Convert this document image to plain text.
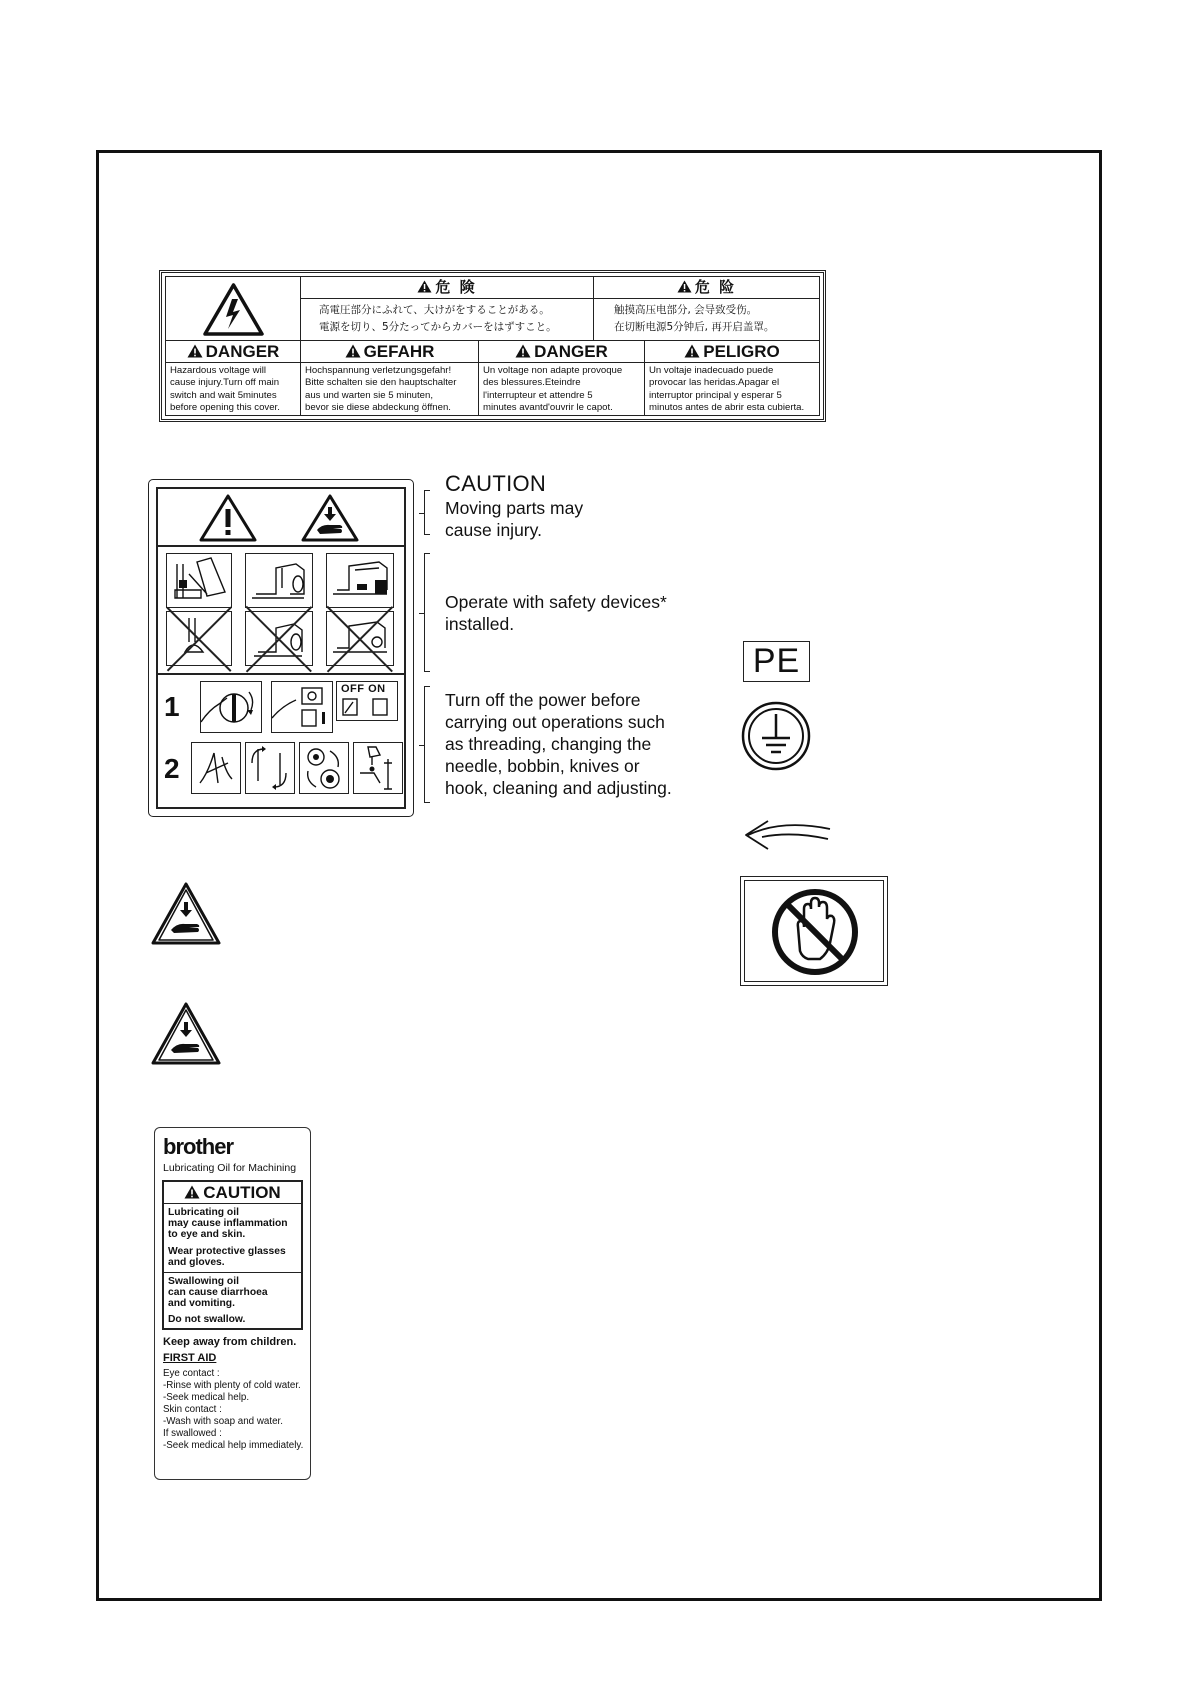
危 険
高電圧部分にふれて、大けがをすることがある。
電源を切り、5分たってからカバーをはずすこと。
危 险
触摸高压电部分, 会导致受伤。
在切断电源5分钟后, 再开启盖罩。
DANGER
Hazardous voltage will
cause injury.Turn off main
switch and wait 5minutes
before opening this cover.
GEFAHR
Hochspannung verletzungsgefahr!
Bitte schalten sie den hauptschalter
aus und warten sie 5 minuten,
bevor sie diese abdeckung öffnen.
DANGER
Un voltage non adapte provoque
des blessures.Eteindre
l'interrupteur et attendre 5
minutes avantd'ouvrir le capot.
PELIGRO
Un voltaje inadecuado puede
provocar las heridas.Apagar el
interruptor principal y esperar 5
minutos antes de abrir esta cubierta.
1
OFF ON
2
CAUTION
Moving parts may
cause injury.
Operate with safety devices*
installed.
Turn off the power before
carrying out operations such
as threading, changing the
needle, bobbin, knives or
hook, cleaning and adjusting.
PE
brother
Lubricating Oil for Machining
CAUTION
Lubricating oil
may cause inflammation
to eye and skin.
Wear protective glasses
and gloves.
Swallowing oil
can cause diarrhoea
and vomiting.
Do not swallow.
Keep away from children.
FIRST AID
Eye contact :
-Rinse with plenty of cold water.
-Seek medical help.
Skin contact :
-Wash with soap and water.
If swallowed :
-Seek medical help immediately.
